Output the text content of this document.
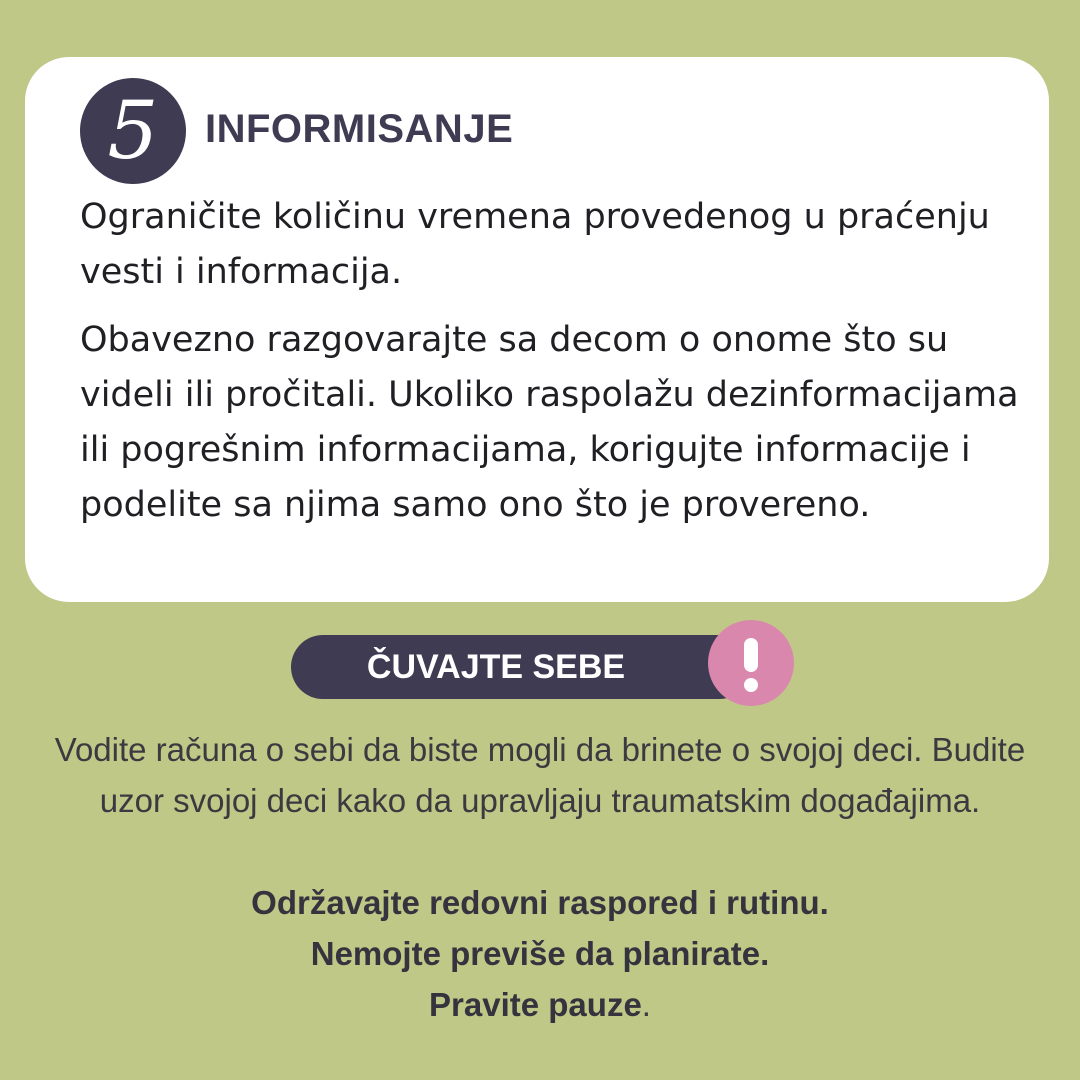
5	INFORMISANJE

Ograničite količinu vremena provedenog u praćenju vesti i informacija.

Obavezno razgovarajte sa decom o onome što su videli ili pročitali. Ukoliko raspolažu dezinformacijama ili pogrešnim informacijama, korigujte informacije i podelite sa njima samo ono što je provereno.

ČUVAJTE SEBE

Vodite računa o sebi da biste mogli da brinete o svojoj deci. Budite uzor svojoj deci kako da upravljaju traumatskim događajima.

Održavajte redovni raspored i rutinu.

Nemojte previše da planirate.

Pravite pauze.
